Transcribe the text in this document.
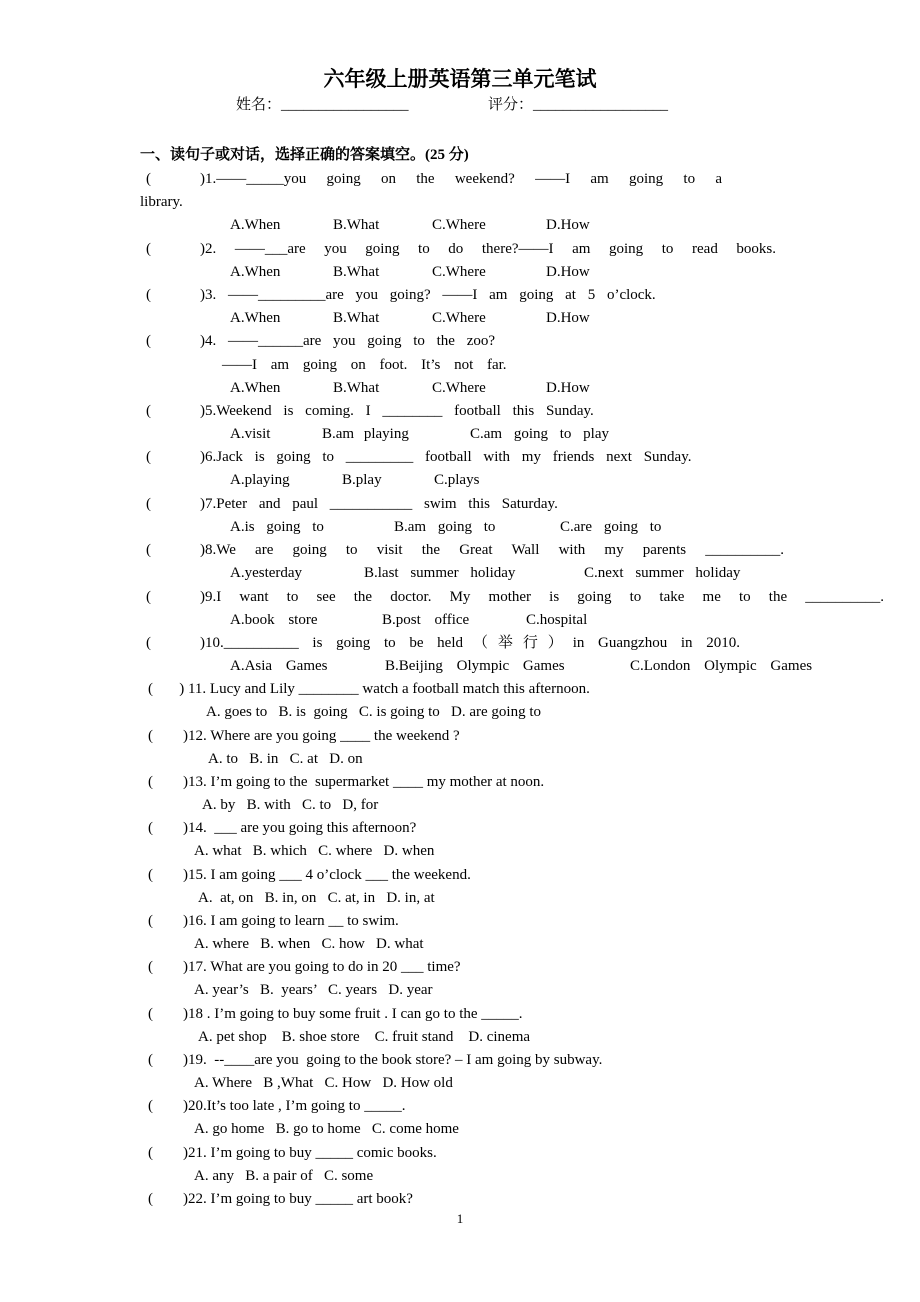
六年级上册英语第三单元笔试
姓名：_________________	评分：__________________
一、读句子或对话，选择正确的答案填空。(25 分)
(	)1.——_____you going on the weekend? ——I am going to a
library.
A.When	B.What	C.Where	D.How
(	)2. ——___are you going to do there?——I am going to read books.
A.When	B.What	C.Where	D.How
(	)3. ——_________are you going? ——I am going at 5 o’clock.
A.When	B.What	C.Where	D.How
(	)4. ——______are you going to the zoo?
——I am going on foot. It’s not far.
A.When	B.What	C.Where	D.How
(	)5.Weekend is coming. I ________ football this Sunday.
A.visit	B.am playing	C.am going to play
(	)6.Jack is going to _________ football with my friends next Sunday.
A.playing	B.play	C.plays
(	)7.Peter and paul ___________ swim this Saturday.
A.is going to	B.am going to	C.are going to
(	)8.We are going to visit the Great Wall with my parents __________.
A.yesterday	B.last summer holiday	C.next summer holiday
(	)9.I want to see the doctor. My mother is going to take me to the __________.
A.book store	B.post office	C.hospital
(	)10.__________ is going to be held（举行）in Guangzhou in 2010.
A.Asia Games	B.Beijing Olympic Games	C.London Olympic Games
(       ) 11. Lucy and Lily ________ watch a football match this afternoon.
A. goes to   B. is  going   C. is going to   D. are going to
(        )12. Where are you going ____ the weekend ?
A. to   B. in   C. at   D. on
(        )13. I’m going to the  supermarket ____ my mother at noon.
A. by   B. with   C. to   D, for
(        )14.  ___ are you going this afternoon?
A. what   B. which   C. where   D. when
(        )15. I am going ___ 4 o’clock ___ the weekend.
A.  at, on   B. in, on   C. at, in   D. in, at
(        )16. I am going to learn __ to swim.
A. where   B. when   C. how   D. what
(        )17. What are you going to do in 20 ___ time?
A. year’s   B.  years’   C. years   D. year
(        )18 . I’m going to buy some fruit . I can go to the _____.
A. pet shop    B. shoe store    C. fruit stand    D. cinema
(        )19.  --____are you  going to the book store? – I am going by subway.
A. Where   B ,What   C. How   D. How old
(        )20.It’s too late , I’m going to _____.
A. go home   B. go to home   C. come home
(        )21. I’m going to buy _____ comic books.
A. any   B. a pair of   C. some
(        )22. I’m going to buy _____ art book?
1
